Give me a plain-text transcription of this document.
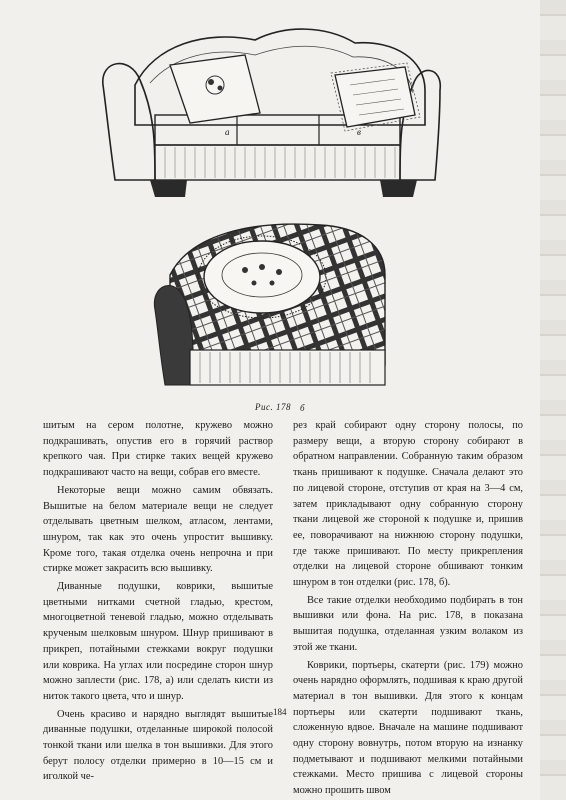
а	в
б
Рис. 178

шитым на сером полотне, кружево можно подкрашивать, опустив его в горячий раствор крепкого чая. При стирке таких вещей кружево подкрашивают часто на вещи, собрав его вместе.

Некоторые вещи можно самим обвязать. Вышитые на белом материале вещи не следует отделывать цветным шелком, атласом, лентами, шнуром, так как это очень упростит вышивку. Кроме того, такая отделка очень непрочна и при стирке может закрасить всю вышивку.

Диванные подушки, коврики, вышитые цветными нитками счетной гладью, крестом, многоцветной теневой гладью, можно отделывать крученым шелковым шнуром. Шнур пришивают в прикреп, потайными стежками вокруг подушки или коврика. На углах или посредине сторон шнур можно заплести (рис. 178, а) или сделать кисти из ниток такого цвета, что и шнур.

Очень красиво и нарядно выглядят вышитые диванные подушки, отделанные широкой полосой тонкой ткани или шелка в тон вышивки. Для этого берут полосу отделки примерно в 10—15 см и иголкой че-

рез край собирают одну сторону полосы, по размеру вещи, а вторую сторону собирают в обратном направлении. Собранную таким образом ткань пришивают к подушке. Сначала делают это по лицевой стороне, отступив от края на 3—4 см, затем прикладывают одну собранную сторону ткани лицевой же стороной к подушке и, пришив ее, поворачивают на нижнюю сторону подушки, где также пришивают. По месту прикрепления отделки на лицевой стороне обшивают тонким шнуром в тон отделки (рис. 178, б).

Все такие отделки необходимо подбирать в тон вышивки или фона. На рис. 178, в показана вышитая подушка, отделанная узким волаком из этой же ткани.

Коврики, портьеры, скатерти (рис. 179) можно очень нарядно оформлять, подшивая к краю другой материал в тон вышивки. Для этого к концам портьеры или скатерти подшивают ткань, сложенную вдвое. Вначале на машине подшивают одну сторону вовнутрь, потом вторую на изнанку подметывают и подшивают мелкими потайными стежками. Место пришива с лицевой стороны можно прошить швом

184
